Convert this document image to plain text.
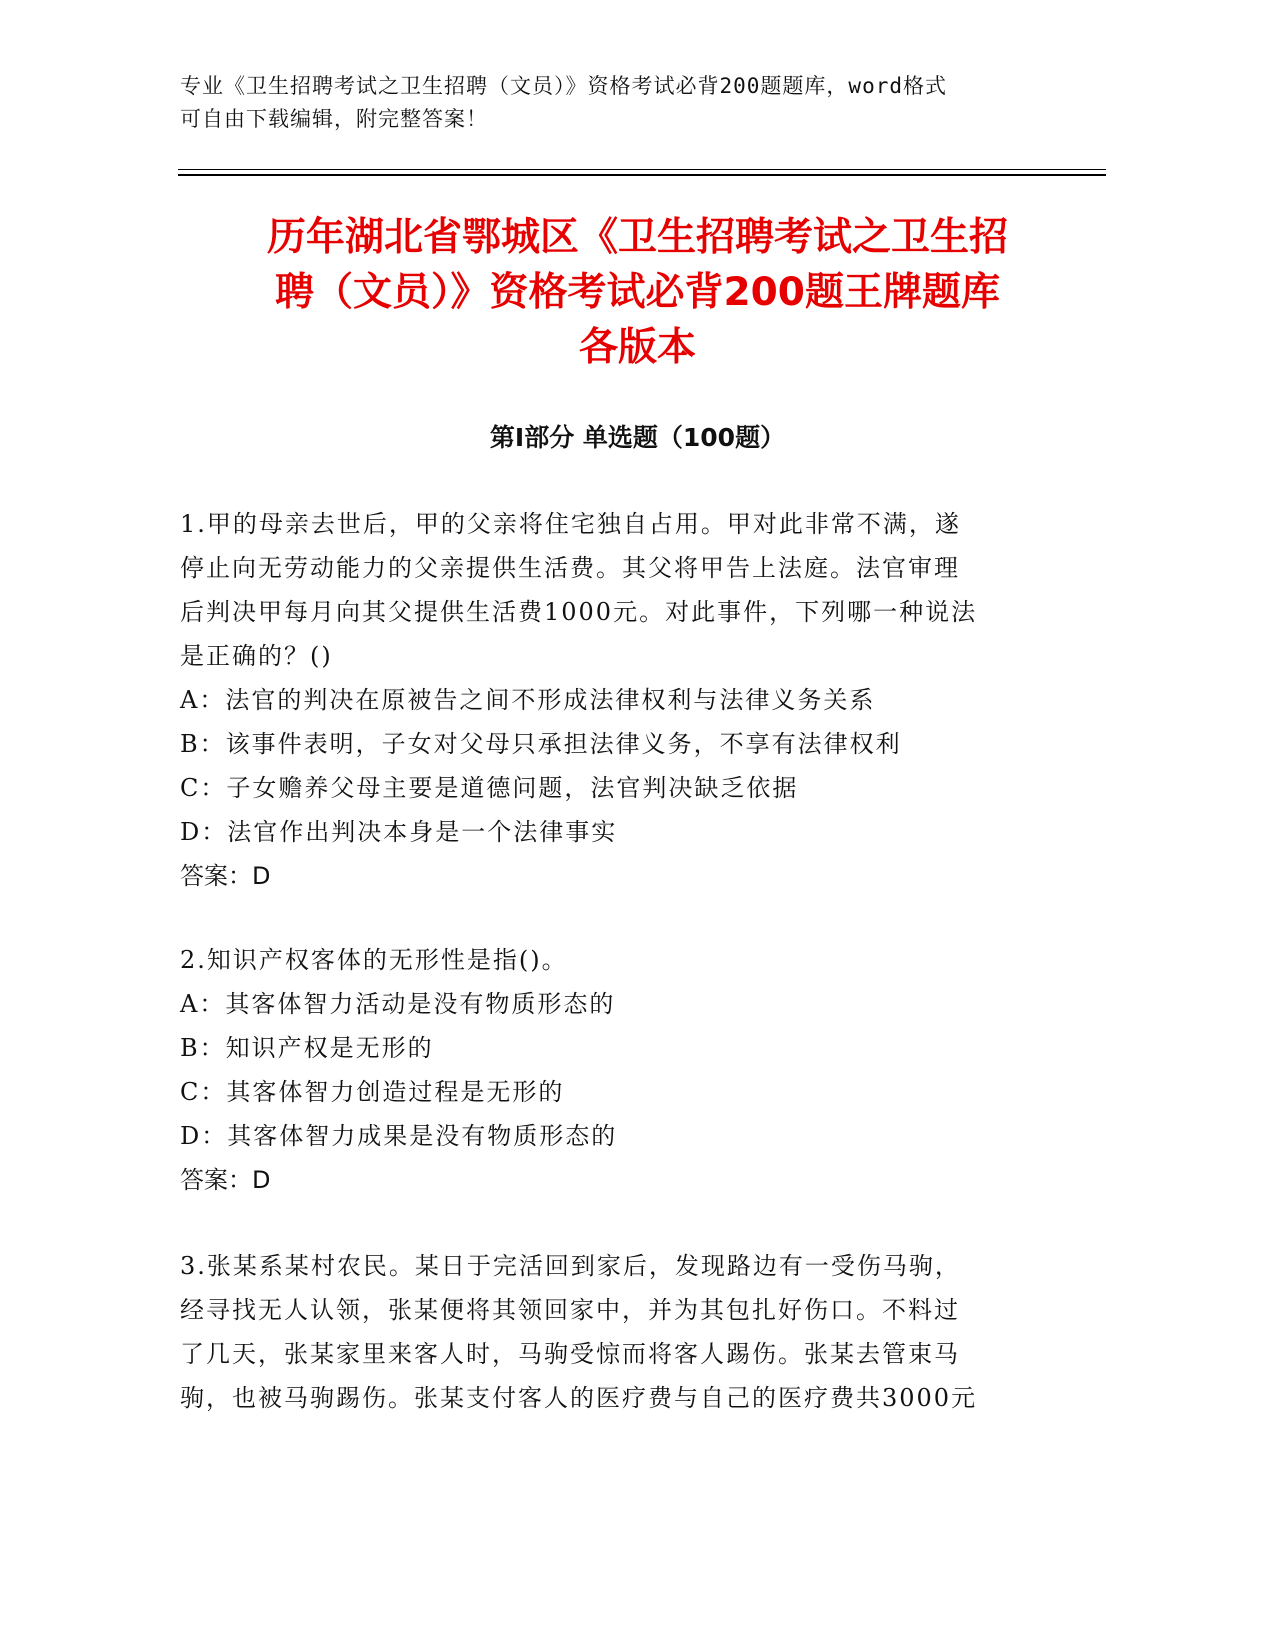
专业《卫生招聘考试之卫生招聘（文员）》资格考试必背200题题库，word格式
可自由下载编辑，附完整答案！
历年湖北省鄂城区《卫生招聘考试之卫生招
聘（文员）》资格考试必背200题王牌题库
各版本
第Ⅰ部分 单选题（100题）
1.甲的母亲去世后，甲的父亲将住宅独自占用。甲对此非常不满，遂
停止向无劳动能力的父亲提供生活费。其父将甲告上法庭。法官审理
后判决甲每月向其父提供生活费1000元。对此事件，下列哪一种说法
是正确的？()
A：法官的判决在原被告之间不形成法律权利与法律义务关系
B：该事件表明，子女对父母只承担法律义务，不享有法律权利
C：子女赡养父母主要是道德问题，法官判决缺乏依据
D：法官作出判决本身是一个法律事实
答案：D
2.知识产权客体的无形性是指()。
A：其客体智力活动是没有物质形态的
B：知识产权是无形的
C：其客体智力创造过程是无形的
D：其客体智力成果是没有物质形态的
答案：D
3.张某系某村农民。某日于完活回到家后，发现路边有一受伤马驹，
经寻找无人认领，张某便将其领回家中，并为其包扎好伤口。不料过
了几天，张某家里来客人时，马驹受惊而将客人踢伤。张某去管束马
驹，也被马驹踢伤。张某支付客人的医疗费与自己的医疗费共3000元
